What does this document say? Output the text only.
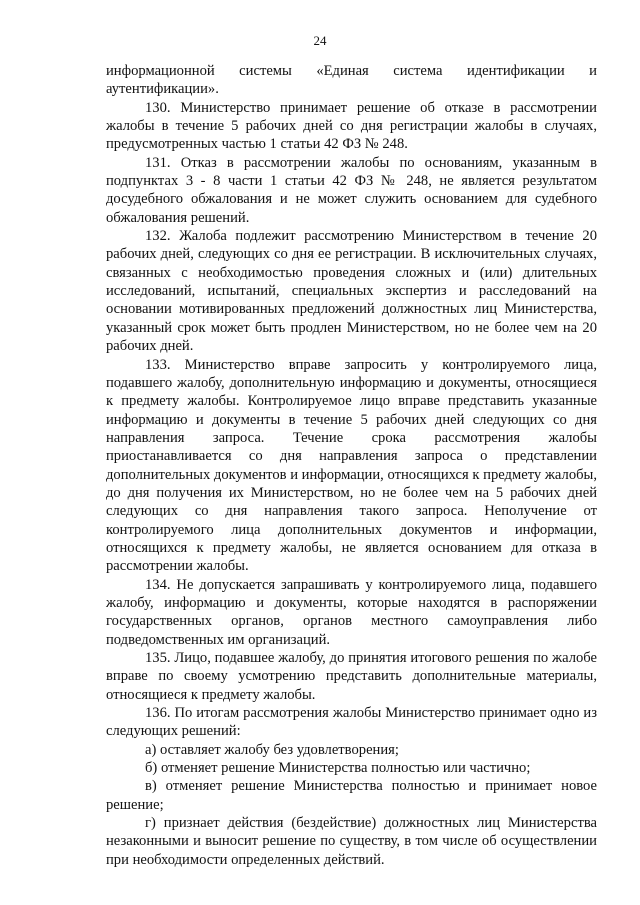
24

информационной системы «Единая система идентификации и аутентификации».

130. Министерство принимает решение об отказе в рассмотрении жалобы в течение 5 рабочих дней со дня регистрации жалобы в случаях, предусмотренных частью 1 статьи 42 ФЗ № 248.

131. Отказ в рассмотрении жалобы по основаниям, указанным в подпунктах 3 - 8 части 1 статьи 42 ФЗ № 248, не является результатом досудебного обжалования и не может служить основанием для судебного обжалования решений.

132. Жалоба подлежит рассмотрению Министерством в течение 20 рабочих дней, следующих со дня ее регистрации. В исключительных случаях, связанных с необходимостью проведения сложных и (или) длительных исследований, испытаний, специальных экспертиз и расследований на основании мотивированных предложений должностных лиц Министерства, указанный срок может быть продлен Министерством, но не более чем на 20 рабочих дней.

133. Министерство вправе запросить у контролируемого лица, подавшего жалобу, дополнительную информацию и документы, относящиеся к предмету жалобы. Контролируемое лицо вправе представить указанные информацию и документы в течение 5 рабочих дней следующих со дня направления запроса. Течение срока рассмотрения жалобы приостанавливается со дня направления запроса о представлении дополнительных документов и информации, относящихся к предмету жалобы, до дня получения их Министерством, но не более чем на 5 рабочих дней следующих со дня направления такого запроса. Неполучение от контролируемого лица дополнительных документов и информации, относящихся к предмету жалобы, не является основанием для отказа в рассмотрении жалобы.

134. Не допускается запрашивать у контролируемого лица, подавшего жалобу, информацию и документы, которые находятся в распоряжении государственных органов, органов местного самоуправления либо подведомственных им организаций.

135. Лицо, подавшее жалобу, до принятия итогового решения по жалобе вправе по своему усмотрению представить дополнительные материалы, относящиеся к предмету жалобы.

136. По итогам рассмотрения жалобы Министерство принимает одно из следующих решений:

а) оставляет жалобу без удовлетворения;

б) отменяет решение Министерства полностью или частично;

в) отменяет решение Министерства полностью и принимает новое решение;

г) признает действия (бездействие) должностных лиц Министерства незаконными и выносит решение по существу, в том числе об осуществлении при необходимости определенных действий.
